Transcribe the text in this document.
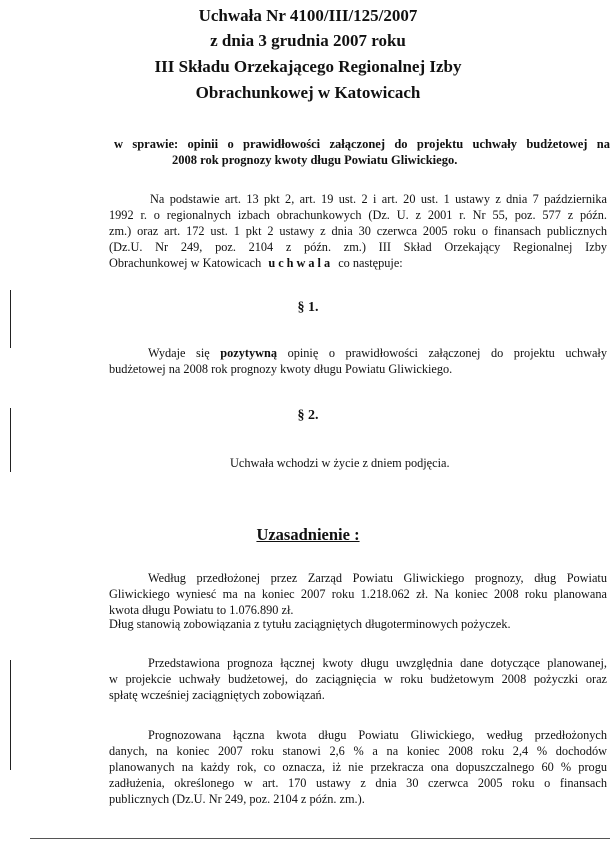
Uchwała Nr 4100/III/125/2007

z dnia 3 grudnia 2007 roku

III Składu Orzekającego Regionalnej Izby

Obrachunkowej w Katowicach

w sprawie: opinii o prawidłowości załączonej do projektu uchwały budżetowej na

2008 rok prognozy kwoty długu Powiatu Gliwickiego.

Na podstawie art. 13 pkt 2, art. 19 ust. 2 i art. 20 ust. 1 ustawy z dnia 7 października

1992 r. o regionalnych izbach obrachunkowych (Dz. U. z 2001 r. Nr 55, poz. 577 z późn.

zm.) oraz art. 172 ust. 1 pkt 2 ustawy z dnia 30 czerwca 2005 roku o finansach publicznych

(Dz.U. Nr 249, poz. 2104 z późn. zm.) III Skład Orzekający Regionalnej Izby

Obrachunkowej w Katowicach uchwala co następuje:

§ 1.

Wydaje się pozytywną opinię o prawidłowości załączonej do projektu uchwały

budżetowej na 2008 rok prognozy kwoty długu Powiatu Gliwickiego.

§ 2.

Uchwała wchodzi w życie z dniem podjęcia.

Uzasadnienie :

Według przedłożonej przez Zarząd Powiatu Gliwickiego prognozy, dług Powiatu

Gliwickiego wyniesć ma na koniec 2007 roku 1.218.062 zł. Na koniec 2008 roku planowana

kwota długu Powiatu to 1.076.890 zł.

Dług stanowią zobowiązania z tytułu zaciągniętych długoterminowych pożyczek.

Przedstawiona prognoza łącznej kwoty długu uwzględnia dane dotyczące planowanej,

w projekcie uchwały budżetowej, do zaciągnięcia w roku budżetowym 2008 pożyczki oraz

spłatę wcześniej zaciągniętych zobowiązań.

Prognozowana łączna kwota długu Powiatu Gliwickiego, według przedłożonych

danych, na koniec 2007 roku stanowi 2,6 % a na koniec 2008 roku 2,4 % dochodów

planowanych na każdy rok, co oznacza, iż nie przekracza ona dopuszczalnego 60 % progu

zadłużenia, określonego w art. 170 ustawy z dnia 30 czerwca 2005 roku o finansach

publicznych (Dz.U. Nr 249, poz. 2104 z późn. zm.).
